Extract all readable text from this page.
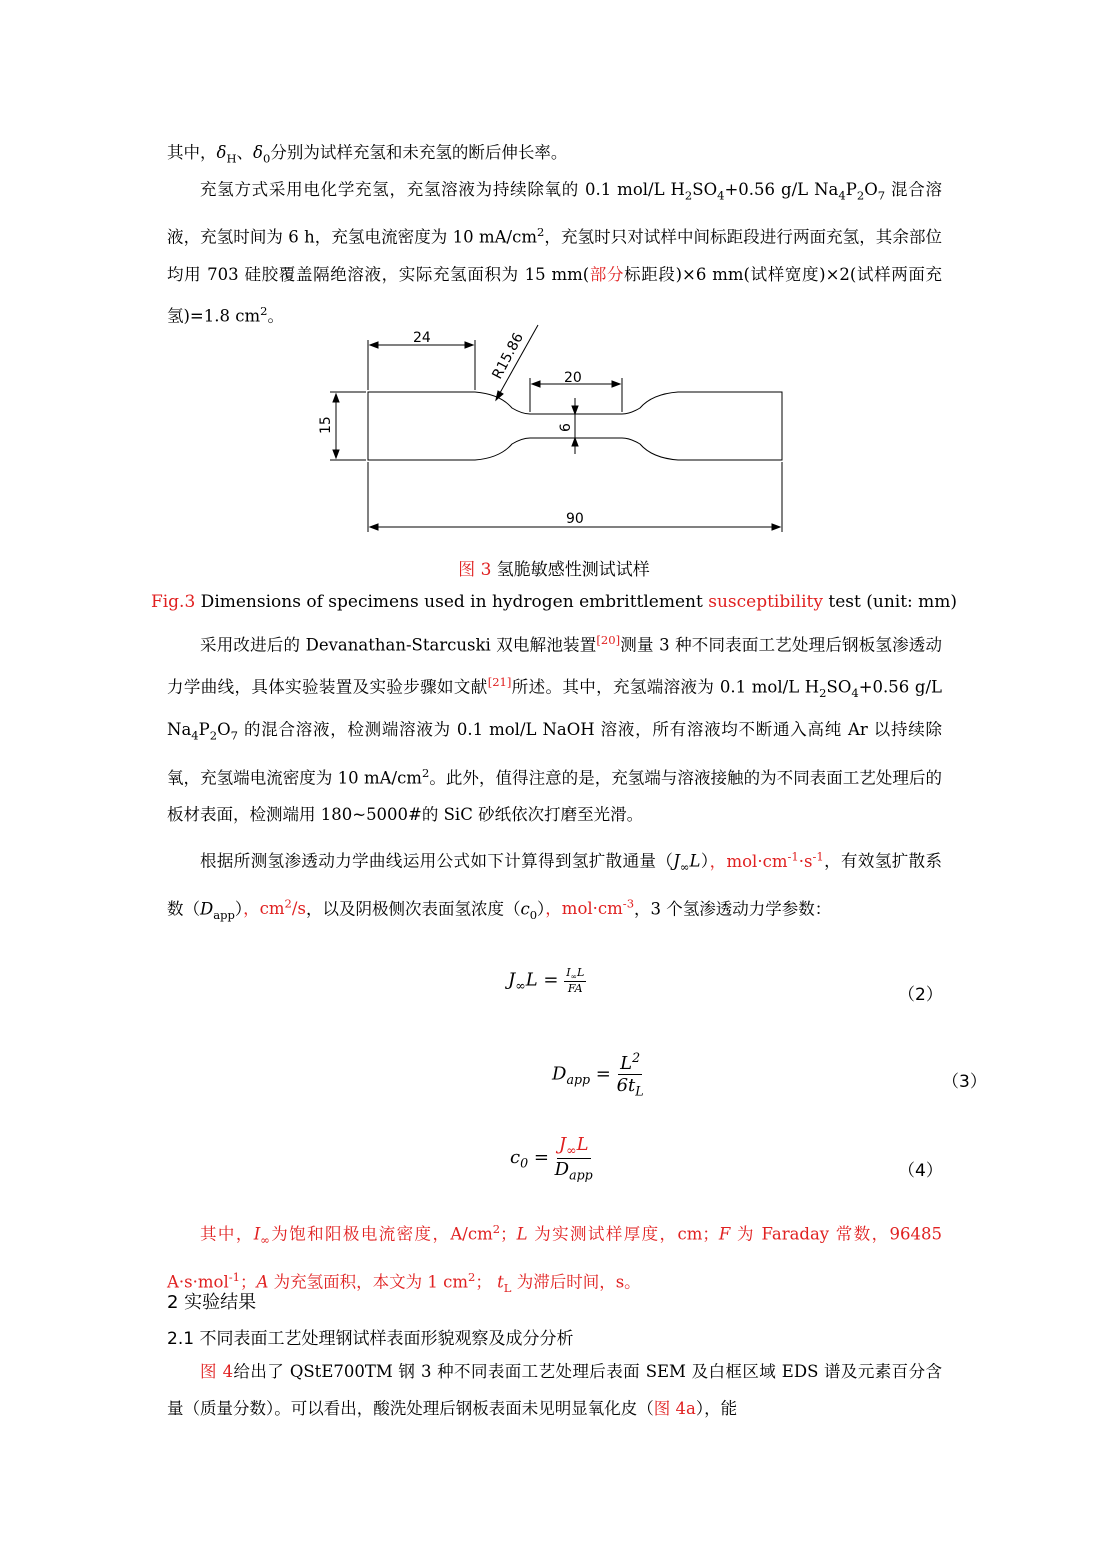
其中，$\delta_H$、$\delta_0$分别为试样充氢和未充氢的断后伸长率。

充氢方式采用电化学充氢，充氢溶液为持续除氧的 0.1 mol/L $H_2SO_4+0.56$ g/L $Na_4P_2O_7$ 混合溶液，充氢时间为 6 h，充氢电流密度为 10 $mA/cm^2$，充氢时只对试样中间标距段进行两面充氢，其余部位均用 703 硅胶覆盖隔绝溶液，实际充氢面积为 15 mm(部分标距段)×6 mm(试样宽度)×2(试样两面充氢)=1.8 $cm^2$。

24	R15.86	20
15	6
90
图 3 氢脆敏感性测试试样
Fig.3 Dimensions of specimens used in hydrogen embrittlement susceptibility test (unit: mm)

采用改进后的 Devanathan-Starcuski 双电解池装置[20]测量 3 种不同表面工艺处理后钢板氢渗透动力学曲线，具体实验装置及实验步骤如文献[21]所述。其中，充氢端溶液为 0.1 mol/L $H_2SO_4+0.56$ g/L $Na_4P_2O_7$ 的混合溶液，检测端溶液为 0.1 mol/L NaOH 溶液，所有溶液均不断通入高纯 Ar 以持续除氧，充氢端电流密度为 10 $mA/cm^2$。此外，值得注意的是，充氢端与溶液接触的为不同表面工艺处理后的板材表面，检测端用 180~5000#的 SiC 砂纸依次打磨至光滑。

根据所测氢渗透动力学曲线运用公式如下计算得到氢扩散通量$(J_\infty L)$，$mol\cdot cm^{-1}\cdot s^{-1}$，有效氢扩散系数$(D_{app})$，$cm^2/s$，以及阴极侧次表面氢浓度$(c_0)$，$mol\cdot cm^{-3}$，3 个氢渗透动力学参数：

$J_\infty L = \frac{I_\infty L}{FA}$	（2）
$D_{app} = \frac{L^2}{6t_L}$	（3）
$c_0 = \frac{J_\infty L}{D_{app}}$	（4）

其中，$I_\infty$为饱和阳极电流密度，$A/cm^2$；L 为实测试样厚度，cm；F 为 Faraday 常数，96485 A·s·mol$^{-1}$；A 为充氢面积，本文为 1 $cm^2$； $t_L$ 为滞后时间，s。

2 实验结果
2.1 不同表面工艺处理钢试样表面形貌观察及成分分析

图 4给出了 QStE700TM 钢 3 种不同表面工艺处理后表面 SEM 及白框区域 EDS 谱及元素百分含量（质量分数）。可以看出，酸洗处理后钢板表面未见明显氧化皮（图 4a），能
